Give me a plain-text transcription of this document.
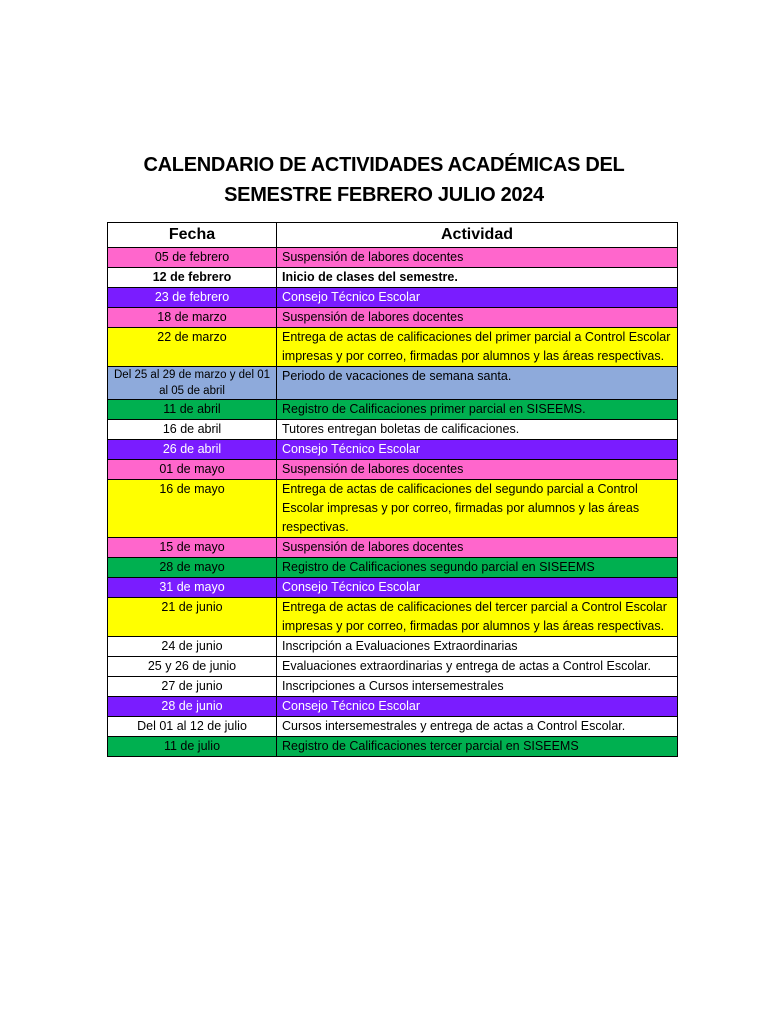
CALENDARIO DE ACTIVIDADES ACADÉMICAS DEL
SEMESTRE FEBRERO JULIO 2024
Fecha	Actividad
05 de febrero	Suspensión de labores docentes
12 de febrero	Inicio de clases del semestre.
23 de febrero	Consejo Técnico Escolar
18 de marzo	Suspensión de labores docentes
22 de marzo	Entrega de actas de calificaciones del primer parcial a Control Escolar impresas y por correo, firmadas por alumnos y las áreas respectivas.
Del 25 al 29 de marzo y del 01 al 05 de abril	Periodo de vacaciones de semana santa.
11 de abril	Registro de Calificaciones primer parcial en SISEEMS.
16 de abril	Tutores entregan boletas de calificaciones.
26 de abril	Consejo Técnico Escolar
01 de mayo	Suspensión de labores docentes
16 de mayo	Entrega de actas de calificaciones del segundo parcial a Control Escolar impresas y por correo, firmadas por alumnos y las áreas respectivas.
15 de mayo	Suspensión de labores docentes
28 de mayo	Registro de Calificaciones segundo parcial en SISEEMS
31 de mayo	Consejo Técnico Escolar
21 de junio	Entrega de actas de calificaciones del tercer parcial a Control Escolar impresas y por correo, firmadas por alumnos y las áreas respectivas.
24 de junio	Inscripción a Evaluaciones Extraordinarias
25 y 26 de junio	Evaluaciones extraordinarias y entrega de actas a Control Escolar.
27 de junio	Inscripciones a Cursos intersemestrales
28 de junio	Consejo Técnico Escolar
Del 01 al 12 de julio	Cursos intersemestrales y entrega de actas a Control Escolar.
11 de julio	Registro de Calificaciones tercer parcial en SISEEMS
